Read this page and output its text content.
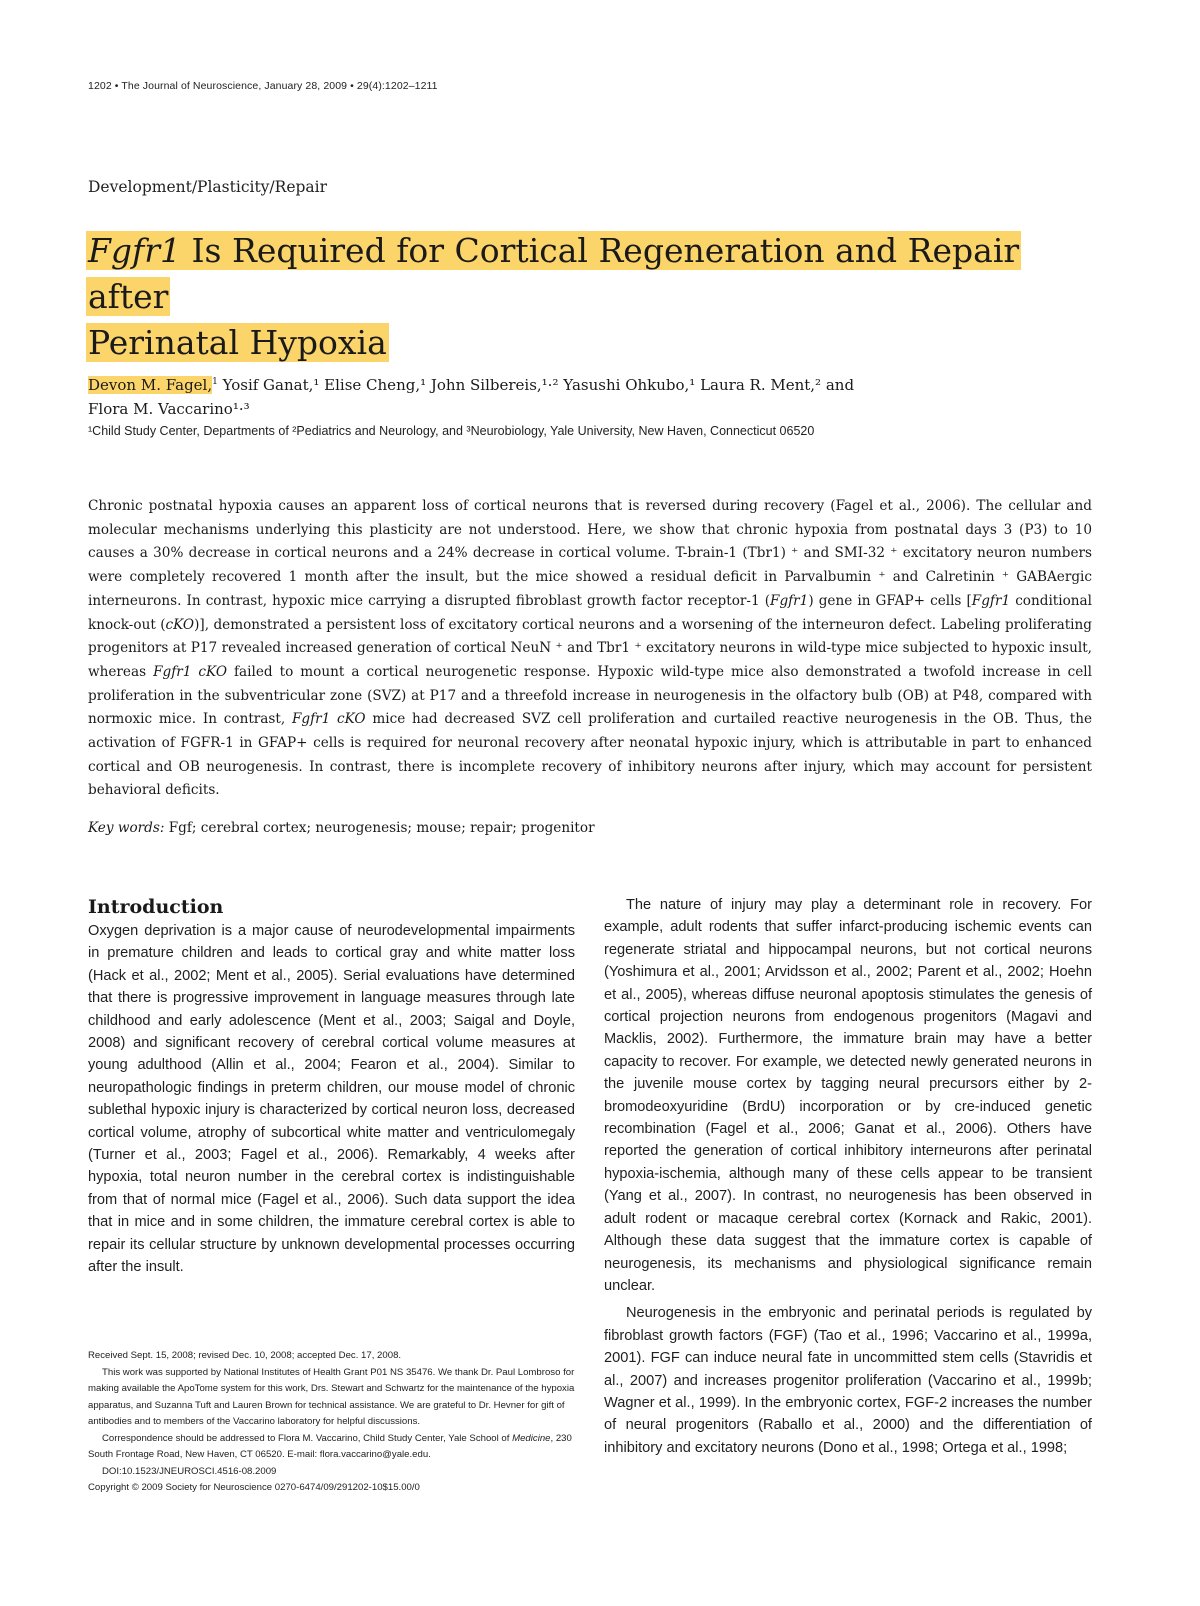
1202 • The Journal of Neuroscience, January 28, 2009 • 29(4):1202–1211
Development/Plasticity/Repair
Fgfr1 Is Required for Cortical Regeneration and Repair after
Perinatal Hypoxia
Devon M. Fagel,$^1$ Yosif Ganat,¹ Elise Cheng,¹ John Silbereis,¹·² Yasushi Ohkubo,¹ Laura R. Ment,² and
Flora M. Vaccarino¹·³
¹Child Study Center, Departments of ²Pediatrics and Neurology, and ³Neurobiology, Yale University, New Haven, Connecticut 06520
Chronic postnatal hypoxia causes an apparent loss of cortical neurons that is reversed during recovery (Fagel et al., 2006). The cellular and molecular mechanisms underlying this plasticity are not understood. Here, we show that chronic hypoxia from postnatal days 3 (P3) to 10 causes a 30% decrease in cortical neurons and a 24% decrease in cortical volume. T-brain-1 (Tbr1) ⁺ and SMI-32 ⁺ excitatory neuron numbers were completely recovered 1 month after the insult, but the mice showed a residual deficit in Parvalbumin ⁺ and Calretinin ⁺ GABAergic interneurons. In contrast, hypoxic mice carrying a disrupted fibroblast growth factor receptor-1 (Fgfr1) gene in GFAP+ cells [Fgfr1 conditional knock-out (cKO)], demonstrated a persistent loss of excitatory cortical neurons and a worsening of the interneuron defect. Labeling proliferating progenitors at P17 revealed increased generation of cortical NeuN ⁺ and Tbr1 ⁺ excitatory neurons in wild-type mice subjected to hypoxic insult, whereas Fgfr1 cKO failed to mount a cortical neurogenetic response. Hypoxic wild-type mice also demonstrated a twofold increase in cell proliferation in the subventricular zone (SVZ) at P17 and a threefold increase in neurogenesis in the olfactory bulb (OB) at P48, compared with normoxic mice. In contrast, Fgfr1 cKO mice had decreased SVZ cell proliferation and curtailed reactive neurogenesis in the OB. Thus, the activation of FGFR-1 in GFAP+ cells is required for neuronal recovery after neonatal hypoxic injury, which is attributable in part to enhanced cortical and OB neurogenesis. In contrast, there is incomplete recovery of inhibitory neurons after injury, which may account for persistent behavioral deficits.
Key words: Fgf; cerebral cortex; neurogenesis; mouse; repair; progenitor
Introduction

Oxygen deprivation is a major cause of neurodevelopmental impairments in premature children and leads to cortical gray and white matter loss (Hack et al., 2002; Ment et al., 2005). Serial evaluations have determined that there is progressive improvement in language measures through late childhood and early adolescence (Ment et al., 2003; Saigal and Doyle, 2008) and significant recovery of cerebral cortical volume measures at young adulthood (Allin et al., 2004; Fearon et al., 2004). Similar to neuropathologic findings in preterm children, our mouse model of chronic sublethal hypoxic injury is characterized by cortical neuron loss, decreased cortical volume, atrophy of subcortical white matter and ventriculomegaly (Turner et al., 2003; Fagel et al., 2006). Remarkably, 4 weeks after hypoxia, total neuron number in the cerebral cortex is indistinguishable from that of normal mice (Fagel et al., 2006). Such data support the idea that in mice and in some children, the immature cerebral cortex is able to repair its cellular structure by unknown developmental processes occurring after the insult.

The nature of injury may play a determinant role in recovery. For example, adult rodents that suffer infarct-producing ischemic events can regenerate striatal and hippocampal neurons, but not cortical neurons (Yoshimura et al., 2001; Arvidsson et al., 2002; Parent et al., 2002; Hoehn et al., 2005), whereas diffuse neuronal apoptosis stimulates the genesis of cortical projection neurons from endogenous progenitors (Magavi and Macklis, 2002). Furthermore, the immature brain may have a better capacity to recover. For example, we detected newly generated neurons in the juvenile mouse cortex by tagging neural precursors either by 2-bromodeoxyuridine (BrdU) incorporation or by cre-induced genetic recombination (Fagel et al., 2006; Ganat et al., 2006). Others have reported the generation of cortical inhibitory interneurons after perinatal hypoxia-ischemia, although many of these cells appear to be transient (Yang et al., 2007). In contrast, no neurogenesis has been observed in adult rodent or macaque cerebral cortex (Kornack and Rakic, 2001). Although these data suggest that the immature cortex is capable of neurogenesis, its mechanisms and physiological significance remain unclear.

Neurogenesis in the embryonic and perinatal periods is regulated by fibroblast growth factors (FGF) (Tao et al., 1996; Vaccarino et al., 1999a, 2001). FGF can induce neural fate in uncommitted stem cells (Stavridis et al., 2007) and increases progenitor proliferation (Vaccarino et al., 1999b; Wagner et al., 1999). In the embryonic cortex, FGF-2 increases the number of neural progenitors (Raballo et al., 2000) and the differentiation of inhibitory and excitatory neurons (Dono et al., 1998; Ortega et al., 1998;

Received Sept. 15, 2008; revised Dec. 10, 2008; accepted Dec. 17, 2008.

This work was supported by National Institutes of Health Grant P01 NS 35476. We thank Dr. Paul Lombroso for making available the ApoTome system for this work, Drs. Stewart and Schwartz for the maintenance of the hypoxia apparatus, and Suzanna Tuft and Lauren Brown for technical assistance. We are grateful to Dr. Hevner for gift of antibodies and to members of the Vaccarino laboratory for helpful discussions.

Correspondence should be addressed to Flora M. Vaccarino, Child Study Center, Yale School of Medicine, 230 South Frontage Road, New Haven, CT 06520. E-mail: flora.vaccarino@yale.edu.

DOI:10.1523/JNEUROSCI.4516-08.2009

Copyright © 2009 Society for Neuroscience 0270-6474/09/291202-10$15.00/0
